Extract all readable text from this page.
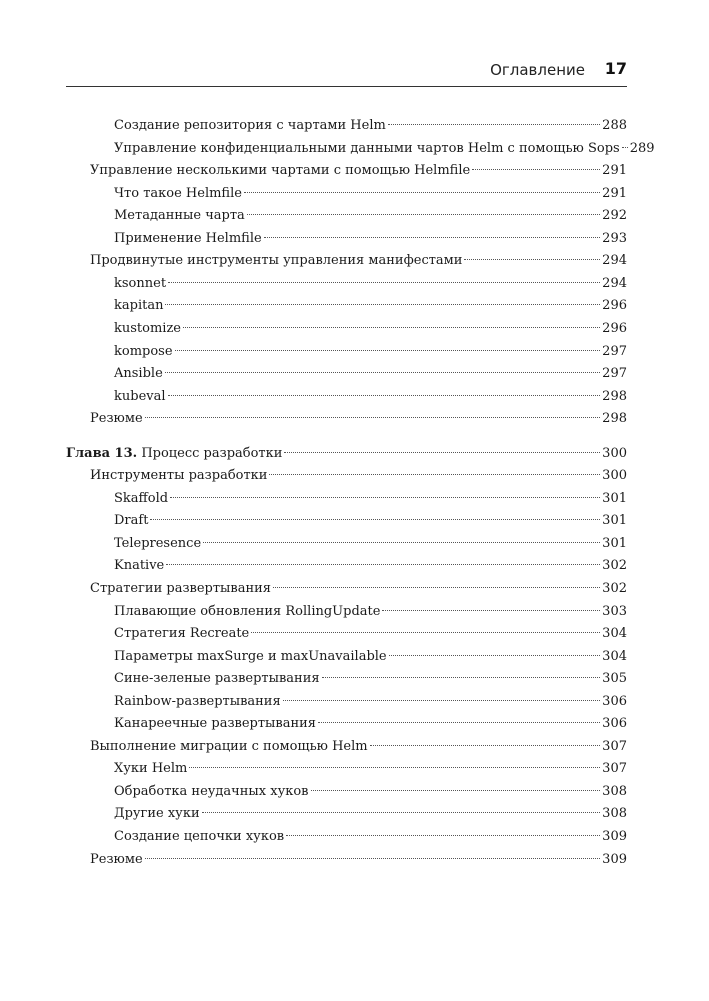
Оглавление 17
Создание репозитория с чартами Helm	288
Управление конфиденциальными данными чартов Helm с помощью Sops 289
Управление несколькими чартами с помощью Helmfile	291
Что такое Helmfile	291
Метаданные чарта	292
Применение Helmfile	293
Продвинутые инструменты управления манифестами	294
ksonnet	294
kapitan	296
kustomize	296
kompose	297
Ansible	297
kubeval	298
Резюме	298
Глава 13. Процесс разработки	300
Инструменты разработки	300
Skaffold	301
Draft	301
Telepresence	301
Knative	302
Стратегии развертывания	302
Плавающие обновления RollingUpdate	303
Стратегия Recreate	304
Параметры maxSurge и maxUnavailable	304
Сине-зеленые развертывания	305
Rainbow-развертывания	306
Канареечные развертывания	306
Выполнение миграции с помощью Helm	307
Хуки Helm	307
Обработка неудачных хуков	308
Другие хуки	308
Создание цепочки хуков	309
Резюме	309
